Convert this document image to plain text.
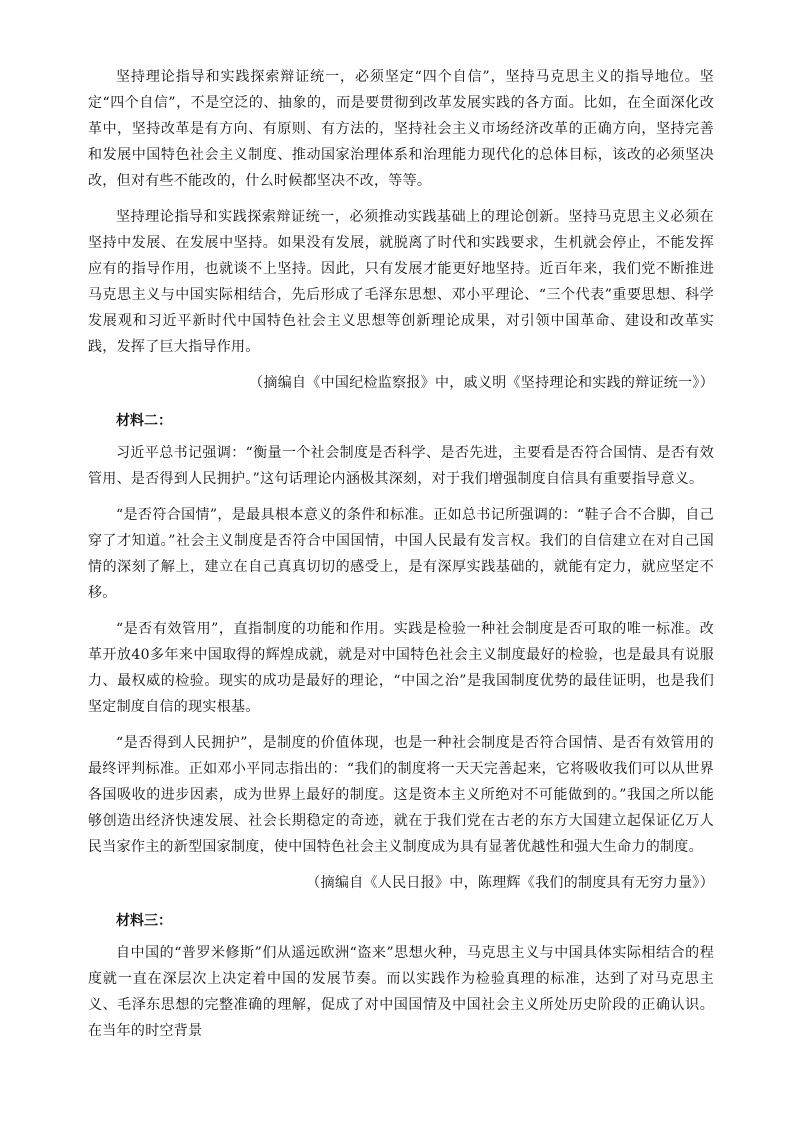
坚持理论指导和实践探索辩证统一，必须坚定“四个自信”，坚持马克思主义的指导地位。坚定“四个自信”，不是空泛的、抽象的，而是要贯彻到改革发展实践的各方面。比如，在全面深化改革中，坚持改革是有方向、有原则、有方法的，坚持社会主义市场经济改革的正确方向，坚持完善和发展中国特色社会主义制度、推动国家治理体系和治理能力现代化的总体目标，该改的必须坚决改，但对有些不能改的，什么时候都坚决不改，等等。

坚持理论指导和实践探索辩证统一，必须推动实践基础上的理论创新。坚持马克思主义必须在坚持中发展、在发展中坚持。如果没有发展，就脱离了时代和实践要求，生机就会停止，不能发挥应有的指导作用，也就谈不上坚持。因此，只有发展才能更好地坚持。近百年来，我们党不断推进马克思主义与中国实际相结合，先后形成了毛泽东思想、邓小平理论、“三个代表”重要思想、科学发展观和习近平新时代中国特色社会主义思想等创新理论成果，对引领中国革命、建设和改革实践，发挥了巨大指导作用。

（摘编自《中国纪检监察报》中，戚义明《坚持理论和实践的辩证统一》）

材料二：

习近平总书记强调：“衡量一个社会制度是否科学、是否先进，主要看是否符合国情、是否有效管用、是否得到人民拥护。”这句话理论内涵极其深刻，对于我们增强制度自信具有重要指导意义。

“是否符合国情”，是最具根本意义的条件和标准。正如总书记所强调的：“鞋子合不合脚，自己穿了才知道。”社会主义制度是否符合中国国情，中国人民最有发言权。我们的自信建立在对自己国情的深刻了解上，建立在自己真真切切的感受上，是有深厚实践基础的，就能有定力，就应坚定不移。

“是否有效管用”，直指制度的功能和作用。实践是检验一种社会制度是否可取的唯一标准。改革开放40多年来中国取得的辉煌成就，就是对中国特色社会主义制度最好的检验，也是最具有说服力、最权威的检验。现实的成功是最好的理论，“中国之治”是我国制度优势的最佳证明，也是我们坚定制度自信的现实根基。

“是否得到人民拥护”，是制度的价值体现，也是一种社会制度是否符合国情、是否有效管用的最终评判标准。正如邓小平同志指出的：“我们的制度将一天天完善起来，它将吸收我们可以从世界各国吸收的进步因素，成为世界上最好的制度。这是资本主义所绝对不可能做到的。”我国之所以能够创造出经济快速发展、社会长期稳定的奇迹，就在于我们党在古老的东方大国建立起保证亿万人民当家作主的新型国家制度，使中国特色社会主义制度成为具有显著优越性和强大生命力的制度。

（摘编自《人民日报》中，陈理辉《我们的制度具有无穷力量》）

材料三：

自中国的“普罗米修斯”们从遥远欧洲“盗来”思想火种，马克思主义与中国具体实际相结合的程度就一直在深层次上决定着中国的发展节奏。而以实践作为检验真理的标准，达到了对马克思主义、毛泽东思想的完整准确的理解，促成了对中国国情及中国社会主义所处历史阶段的正确认识。在当年的时空背景
